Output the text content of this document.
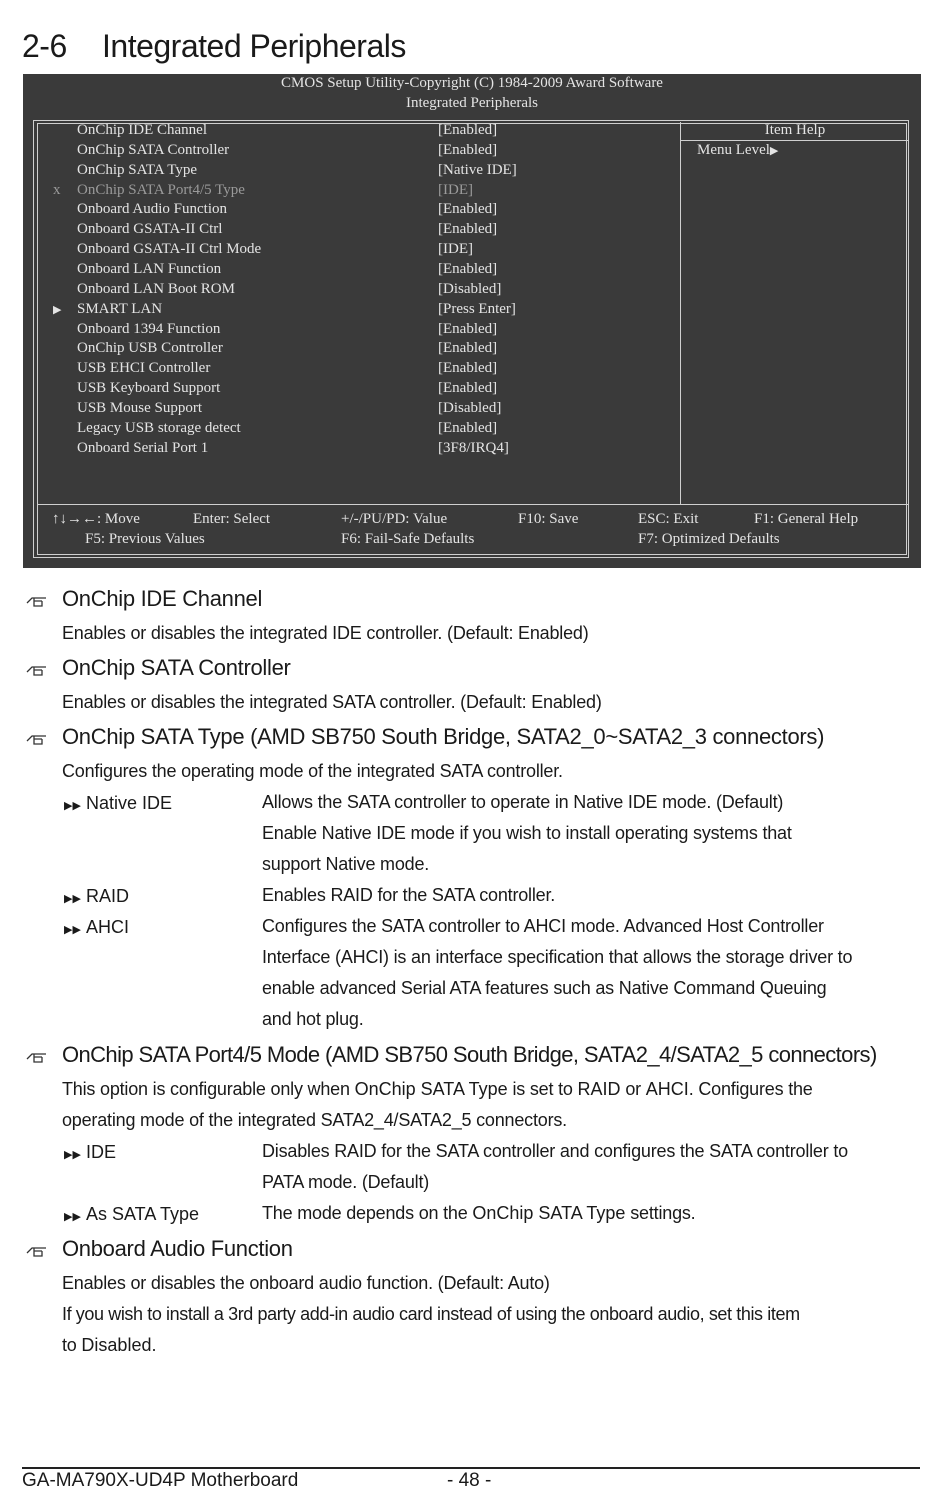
2-6 Integrated Peripherals
CMOS Setup Utility-Copyright (C) 1984-2009 Award Software
Integrated Peripherals
OnChip IDE Channel	[Enabled]
OnChip SATA Controller	[Enabled]
OnChip SATA Type	[Native IDE]
x	OnChip SATA Port4/5 Type	[IDE]
Onboard Audio Function	[Enabled]
Onboard GSATA-II Ctrl	[Enabled]
Onboard GSATA-II Ctrl Mode	[IDE]
Onboard LAN Function	[Enabled]
Onboard LAN Boot ROM	[Disabled]
▶	SMART LAN	[Press Enter]
Onboard 1394 Function	[Enabled]
OnChip USB Controller	[Enabled]
USB EHCI Controller	[Enabled]
USB Keyboard Support	[Enabled]
USB Mouse Support	[Disabled]
Legacy USB storage detect	[Enabled]
Onboard Serial Port 1	[3F8/IRQ4]
Item Help
Menu Level▶
↑↓→←: Move	Enter: Select	+/-/PU/PD: Value	F10: Save	ESC: Exit	F1: General Help
F5: Previous Values	F6: Fail-Safe Defaults	F7: Optimized Defaults
OnChip IDE Channel
Enables or disables the integrated IDE controller. (Default: Enabled)
OnChip SATA Controller
Enables or disables the integrated SATA controller. (Default: Enabled)
OnChip SATA Type (AMD SB750 South Bridge, SATA2_0~SATA2_3 connectors)
Configures the operating mode of the integrated SATA controller.
▶▶ Native IDE	Allows the SATA controller to operate in Native IDE mode. (Default)
Enable Native IDE mode if you wish to install operating systems that
support Native mode.
▶▶ RAID	Enables RAID for the SATA controller.
▶▶ AHCI	Configures the SATA controller to AHCI mode. Advanced Host Controller
Interface (AHCI) is an interface specification that allows the storage driver to
enable advanced Serial ATA features such as Native Command Queuing
and hot plug.
OnChip SATA Port4/5 Mode (AMD SB750 South Bridge, SATA2_4/SATA2_5 connectors)
This option is configurable only when OnChip SATA Type is set to RAID or AHCI. Configures the
operating mode of the integrated SATA2_4/SATA2_5 connectors.
▶▶ IDE	Disables RAID for the SATA controller and configures the SATA controller to
PATA mode. (Default)
▶▶ As SATA Type	The mode depends on the OnChip SATA Type settings.
Onboard Audio Function
Enables or disables the onboard audio function. (Default: Auto)
If you wish to install a 3rd party add-in audio card instead of using the onboard audio, set this item
to Disabled.
GA-MA790X-UD4P Motherboard	- 48 -
